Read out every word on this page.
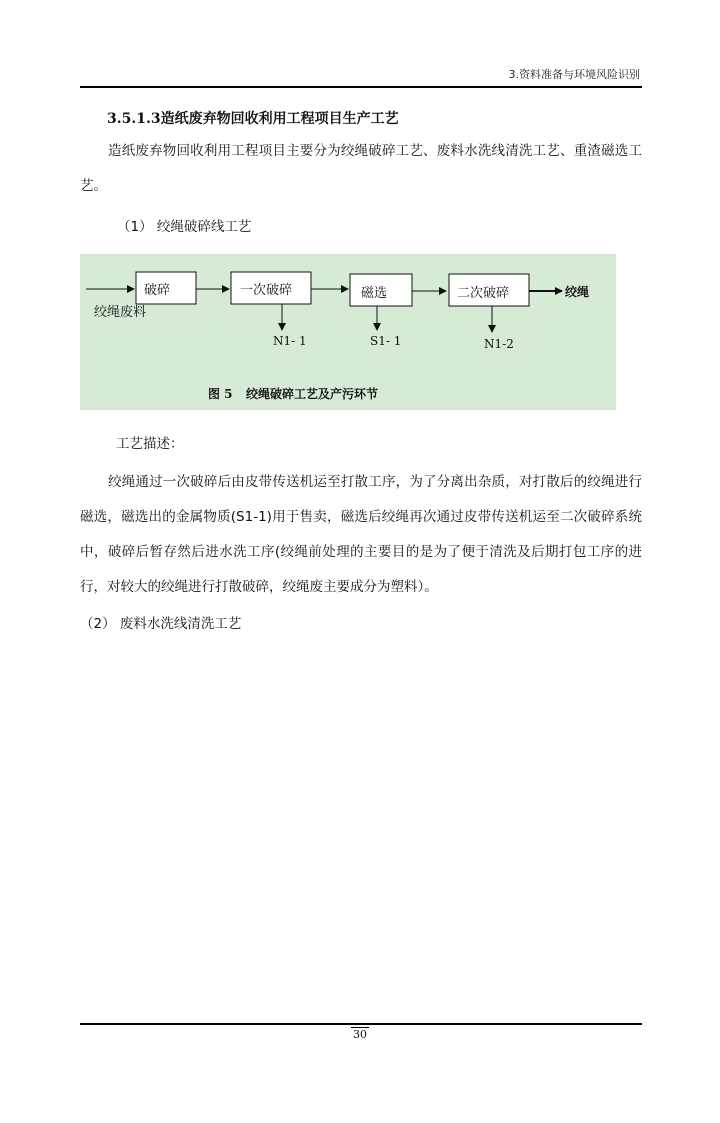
3.资料准备与环境风险识别
3.5.1.3造纸废弃物回收利用工程项目生产工艺

造纸废弃物回收利用工程项目主要分为绞绳破碎工艺、废料水洗线清洗工艺、重渣磁选工艺。

（1） 绞绳破碎线工艺
绞绳废料
破碎	一次破碎	磁选	二次破碎	绞绳
N1- 1	S1- 1	N1-2
图 5 绞绳破碎工艺及产污环节
工艺描述：

绞绳通过一次破碎后由皮带传送机运至打散工序，为了分离出杂质，对打散后的绞绳进行磁选，磁选出的金属物质(S1-1)用于售卖，磁选后绞绳再次通过皮带传送机运至二次破碎系统中，破碎后暂存然后进水洗工序(绞绳前处理的主要目的是为了便于清洗及后期打包工序的进行，对较大的绞绳进行打散破碎，绞绳废主要成分为塑料）。

（2） 废料水洗线清洗工艺
30
